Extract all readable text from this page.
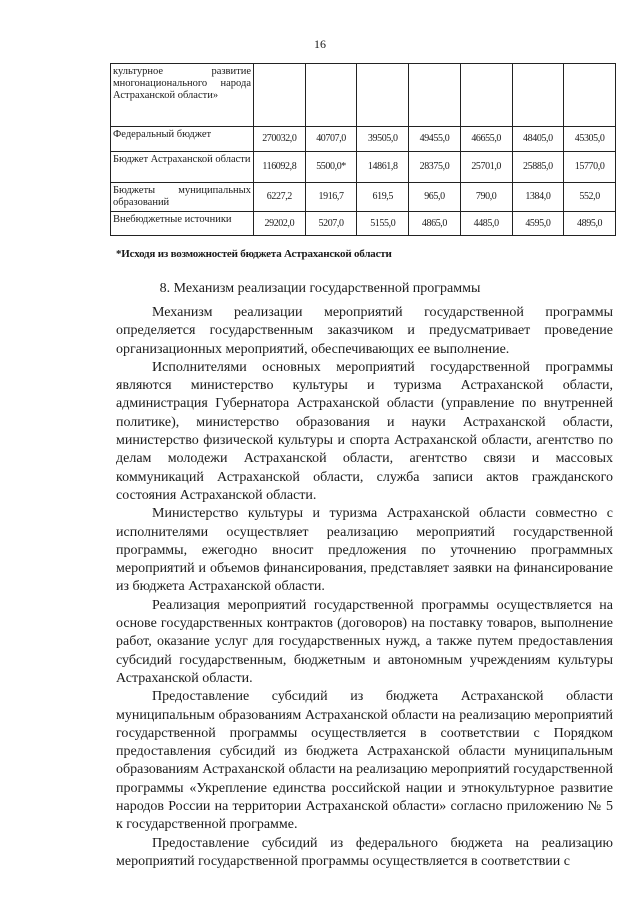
16
культурное развитие многонационального народа Астраханской области»							
Федеральный бюджет	270032,0	40707,0	39505,0	49455,0	46655,0	48405,0	45305,0
Бюджет Астраханской области	116092,8	5500,0*	14861,8	28375,0	25701,0	25885,0	15770,0
Бюджеты муниципальных образований	6227,2	1916,7	619,5	965,0	790,0	1384,0	552,0
Внебюджетные источники	29202,0	5207,0	5155,0	4865,0	4485,0	4595,0	4895,0
*Исходя из возможностей бюджета Астраханской области
8. Механизм реализации государственной программы

Механизм реализации мероприятий государственной программы определяется государственным заказчиком и предусматривает проведение организационных мероприятий, обеспечивающих ее выполнение.

Исполнителями основных мероприятий государственной программы являются министерство культуры и туризма Астраханской области, администрация Губернатора Астраханской области (управление по внутренней политике), министерство образования и науки Астраханской области, министерство физической культуры и спорта Астраханской области, агентство по делам молодежи Астраханской области, агентство связи и массовых коммуникаций Астраханской области, служба записи актов гражданского состояния Астраханской области.

Министерство культуры и туризма Астраханской области совместно с исполнителями осуществляет реализацию мероприятий государственной программы, ежегодно вносит предложения по уточнению программных мероприятий и объемов финансирования, представляет заявки на финансирование из бюджета Астраханской области.

Реализация мероприятий государственной программы осуществляется на основе государственных контрактов (договоров) на поставку товаров, выполнение работ, оказание услуг для государственных нужд, а также путем предоставления субсидий государственным, бюджетным и автономным учреждениям культуры Астраханской области.

Предоставление субсидий из бюджета Астраханской области муниципальным образованиям Астраханской области на реализацию мероприятий государственной программы осуществляется в соответствии с Порядком предоставления субсидий из бюджета Астраханской области муниципальным образованиям Астраханской области на реализацию мероприятий государственной программы «Укрепление единства российской нации и этнокультурное развитие народов России на территории Астраханской области» согласно приложению № 5 к государственной программе.

Предоставление субсидий из федерального бюджета на реализацию мероприятий государственной программы осуществляется в соответствии с
